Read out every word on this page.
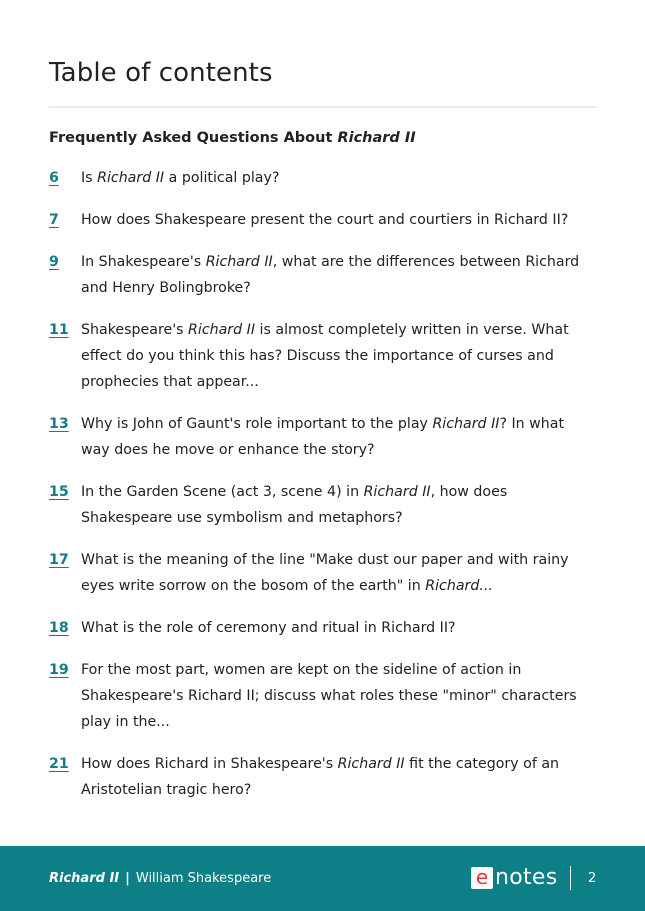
Table of contents
Frequently Asked Questions About Richard II
6 Is Richard II a political play?
7 How does Shakespeare present the court and courtiers in Richard II?
9 In Shakespeare's Richard II, what are the differences between Richard and Henry Bolingbroke?
11 Shakespeare's Richard II is almost completely written in verse. What effect do you think this has? Discuss the importance of curses and prophecies that appear...
13 Why is John of Gaunt's role important to the play Richard II? In what way does he move or enhance the story?
15 In the Garden Scene (act 3, scene 4) in Richard II, how does Shakespeare use symbolism and metaphors?
17 What is the meaning of the line "Make dust our paper and with rainy eyes write sorrow on the bosom of the earth" in Richard...
18 What is the role of ceremony and ritual in Richard II?
19 For the most part, women are kept on the sideline of action in Shakespeare's Richard II; discuss what roles these "minor" characters play in the...
21 How does Richard in Shakespeare's Richard II fit the category of an Aristotelian tragic hero?
Richard II | William Shakespeare	e notes 2
